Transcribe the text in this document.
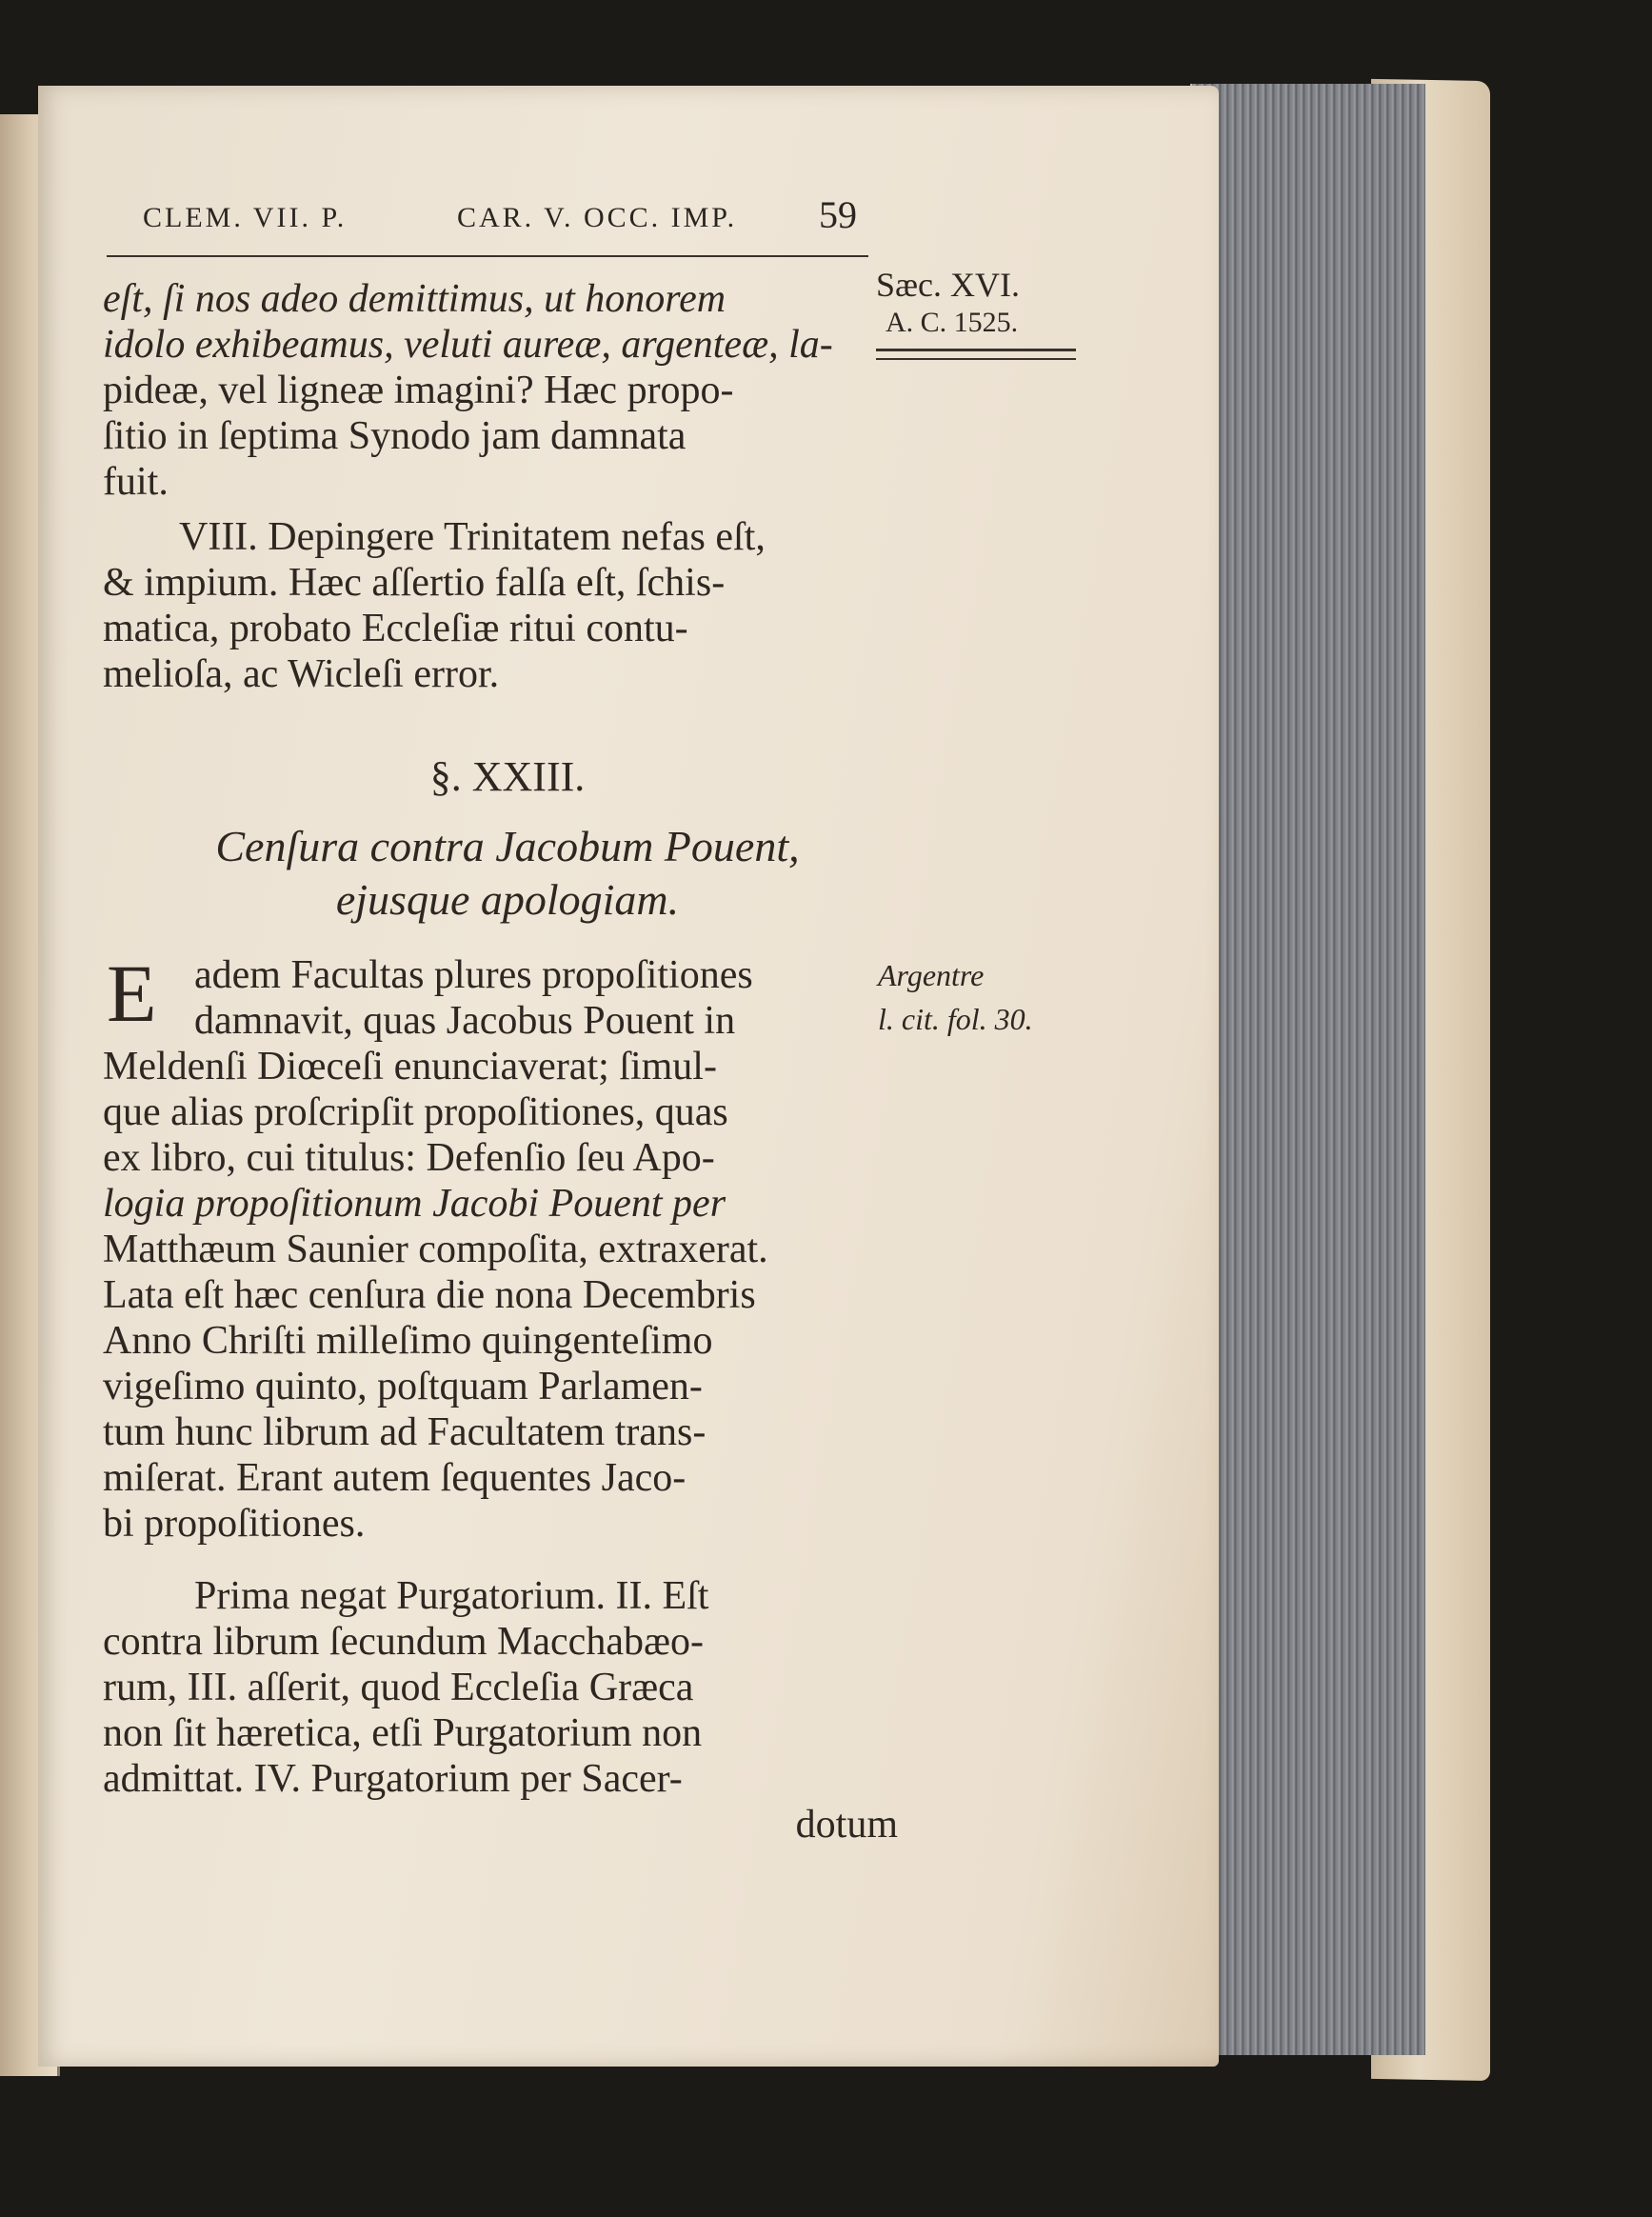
CLEM. VII. P.	CAR. V. OCC. IMP. 59
Sæc. XVI.
A. C. 1525.
eſt, ſi nos adeo demittimus, ut honorem
idolo exhibeamus, veluti aureæ, argenteæ, la-
pideæ, vel ligneæ imagini? Hæc propo-
ſitio in ſeptima Synodo jam damnata
fuit.
VIII. Depingere Trinitatem nefas eſt,
& impium. Hæc aſſertio falſa eſt, ſchis-
matica, probato Eccleſiæ ritui contu-
melioſa, ac Wicleſi error.
§. XXIII.
Cenſura contra Jacobum Pouent,
ejusque apologiam.
E	Argentre
l. cit. fol. 30.
adem Facultas plures propoſitiones
damnavit, quas Jacobus Pouent in
Meldenſi Diœceſi enunciaverat; ſimul-
que alias proſcripſit propoſitiones, quas
ex libro, cui titulus: Defenſio ſeu Apo-
logia propoſitionum Jacobi Pouent per
Matthæum Saunier compoſita, extraxerat.
Lata eſt hæc cenſura die nona Decembris
Anno Chriſti milleſimo quingenteſimo
vigeſimo quinto, poſtquam Parlamen-
tum hunc librum ad Facultatem trans-
miſerat. Erant autem ſequentes Jaco-
bi propoſitiones.
Prima negat Purgatorium. II. Eſt
contra librum ſecundum Macchabæo-
rum, III. aſſerit, quod Eccleſia Græca
non ſit hæretica, etſi Purgatorium non
admittat. IV. Purgatorium per Sacer-
dotum
